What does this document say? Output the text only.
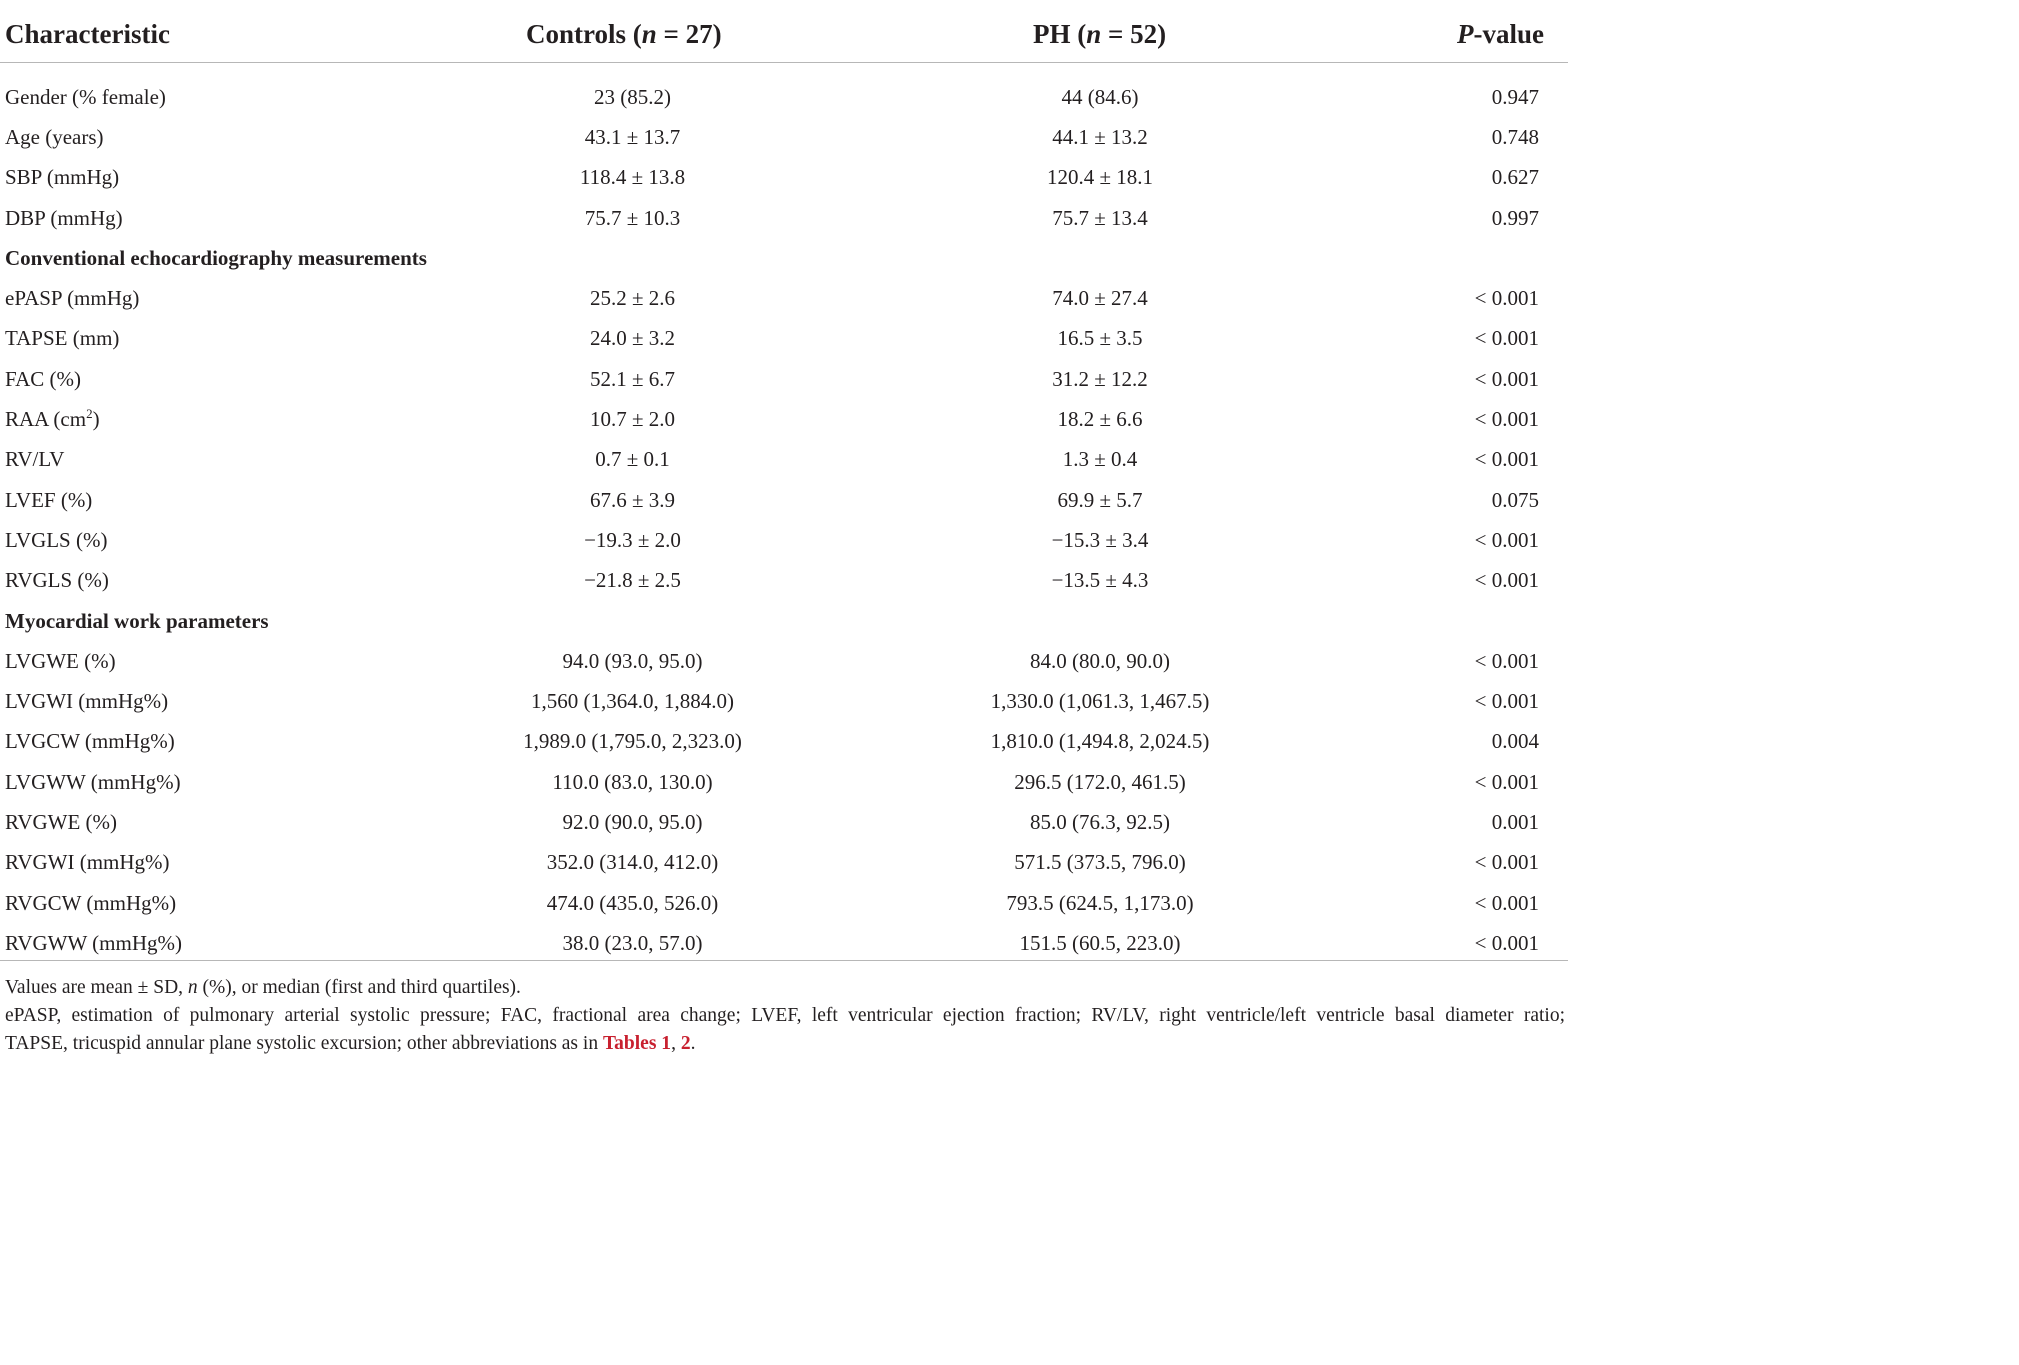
Characteristic	Controls (n = 27)	PH (n = 52)	P-value
Gender (% female)	23 (85.2)	44 (84.6)	0.947
Age (years)	43.1 ± 13.7	44.1 ± 13.2	0.748
SBP (mmHg)	118.4 ± 13.8	120.4 ± 18.1	0.627
DBP (mmHg)	75.7 ± 10.3	75.7 ± 13.4	0.997
Conventional echocardiography measurements			
ePASP (mmHg)	25.2 ± 2.6	74.0 ± 27.4	< 0.001
TAPSE (mm)	24.0 ± 3.2	16.5 ± 3.5	< 0.001
FAC (%)	52.1 ± 6.7	31.2 ± 12.2	< 0.001
RAA $(cm^2)$	10.7 ± 2.0	18.2 ± 6.6	< 0.001
RV/LV	0.7 ± 0.1	1.3 ± 0.4	< 0.001
LVEF (%)	67.6 ± 3.9	69.9 ± 5.7	0.075
LVGLS (%)	−19.3 ± 2.0	−15.3 ± 3.4	< 0.001
RVGLS (%)	−21.8 ± 2.5	−13.5 ± 4.3	< 0.001
Myocardial work parameters			
LVGWE (%)	94.0 (93.0, 95.0)	84.0 (80.0, 90.0)	< 0.001
LVGWI (mmHg%)	1,560 (1,364.0, 1,884.0)	1,330.0 (1,061.3, 1,467.5)	< 0.001
LVGCW (mmHg%)	1,989.0 (1,795.0, 2,323.0)	1,810.0 (1,494.8, 2,024.5)	0.004
LVGWW (mmHg%)	110.0 (83.0, 130.0)	296.5 (172.0, 461.5)	< 0.001
RVGWE (%)	92.0 (90.0, 95.0)	85.0 (76.3, 92.5)	0.001
RVGWI (mmHg%)	352.0 (314.0, 412.0)	571.5 (373.5, 796.0)	< 0.001
RVGCW (mmHg%)	474.0 (435.0, 526.0)	793.5 (624.5, 1,173.0)	< 0.001
RVGWW (mmHg%)	38.0 (23.0, 57.0)	151.5 (60.5, 223.0)	< 0.001

Values are mean ± SD, n (%), or median (first and third quartiles).

ePASP, estimation of pulmonary arterial systolic pressure; FAC, fractional area change; LVEF, left ventricular ejection fraction; RV/LV, right ventricle/left ventricle basal diameter ratio;

TAPSE, tricuspid annular plane systolic excursion; other abbreviations as in Tables 1, 2.
